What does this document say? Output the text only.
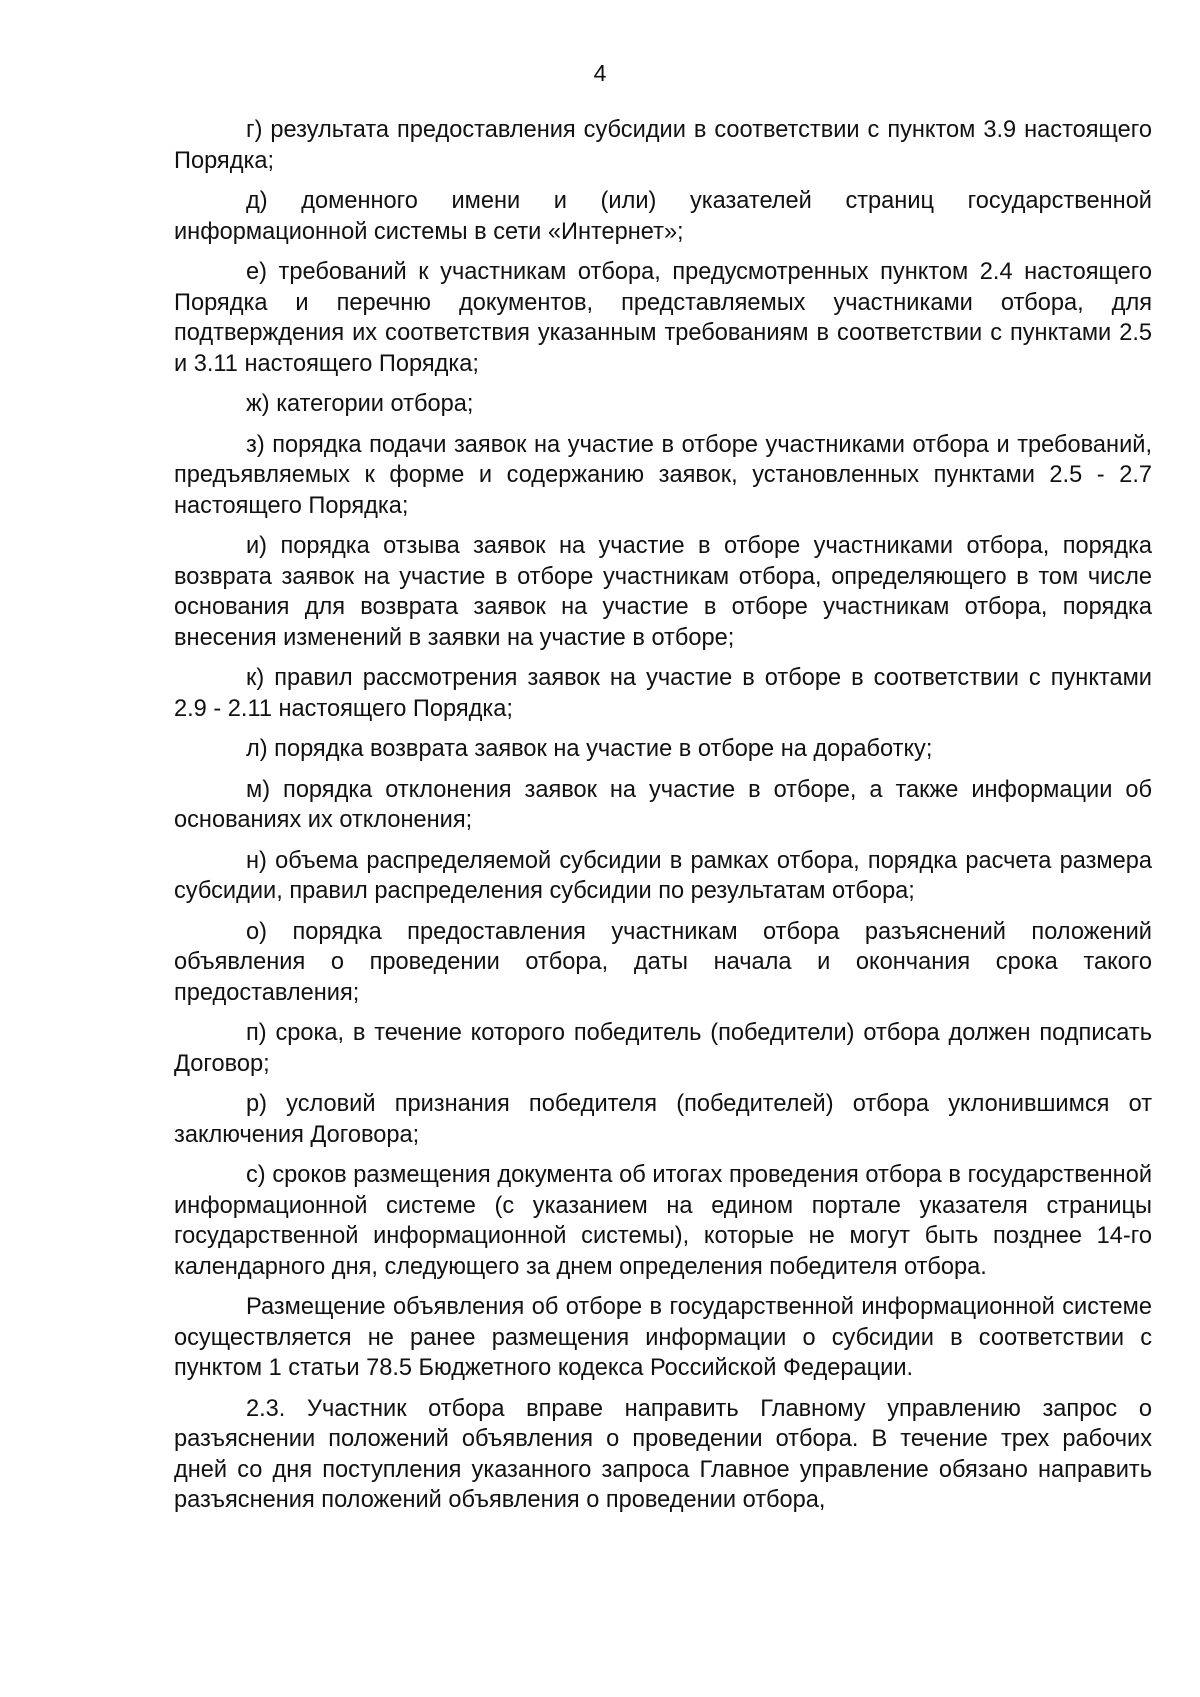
4

г) результата предоставления субсидии в соответствии с пунктом 3.9 настоящего Порядка;

д) доменного имени и (или) указателей страниц государственной информационной системы в сети «Интернет»;

е) требований к участникам отбора, предусмотренных пунктом 2.4 настоящего Порядка и перечню документов, представляемых участниками отбора, для подтверждения их соответствия указанным требованиям в соответствии с пунктами 2.5 и 3.11 настоящего Порядка;

ж) категории отбора;

з) порядка подачи заявок на участие в отборе участниками отбора и требований, предъявляемых к форме и содержанию заявок, установленных пунктами 2.5 - 2.7 настоящего Порядка;

и) порядка отзыва заявок на участие в отборе участниками отбора, порядка возврата заявок на участие в отборе участникам отбора, определяющего в том числе основания для возврата заявок на участие в отборе участникам отбора, порядка внесения изменений в заявки на участие в отборе;

к) правил рассмотрения заявок на участие в отборе в соответствии с пунктами 2.9 - 2.11 настоящего Порядка;

л) порядка возврата заявок на участие в отборе на доработку;

м) порядка отклонения заявок на участие в отборе, а также информации об основаниях их отклонения;

н) объема распределяемой субсидии в рамках отбора, порядка расчета размера субсидии, правил распределения субсидии по результатам отбора;

о) порядка предоставления участникам отбора разъяснений положений объявления о проведении отбора, даты начала и окончания срока такого предоставления;

п) срока, в течение которого победитель (победители) отбора должен подписать Договор;

р) условий признания победителя (победителей) отбора уклонившимся от заключения Договора;

с) сроков размещения документа об итогах проведения отбора в государственной информационной системе (с указанием на едином портале указателя страницы государственной информационной системы), которые не могут быть позднее 14-го календарного дня, следующего за днем определения победителя отбора.

Размещение объявления об отборе в государственной информационной системе осуществляется не ранее размещения информации о субсидии в соответствии с пунктом 1 статьи 78.5 Бюджетного кодекса Российской Федерации.

2.3. Участник отбора вправе направить Главному управлению запрос о разъяснении положений объявления о проведении отбора. В течение трех рабочих дней со дня поступления указанного запроса Главное управление обязано направить разъяснения положений объявления о проведении отбора,
